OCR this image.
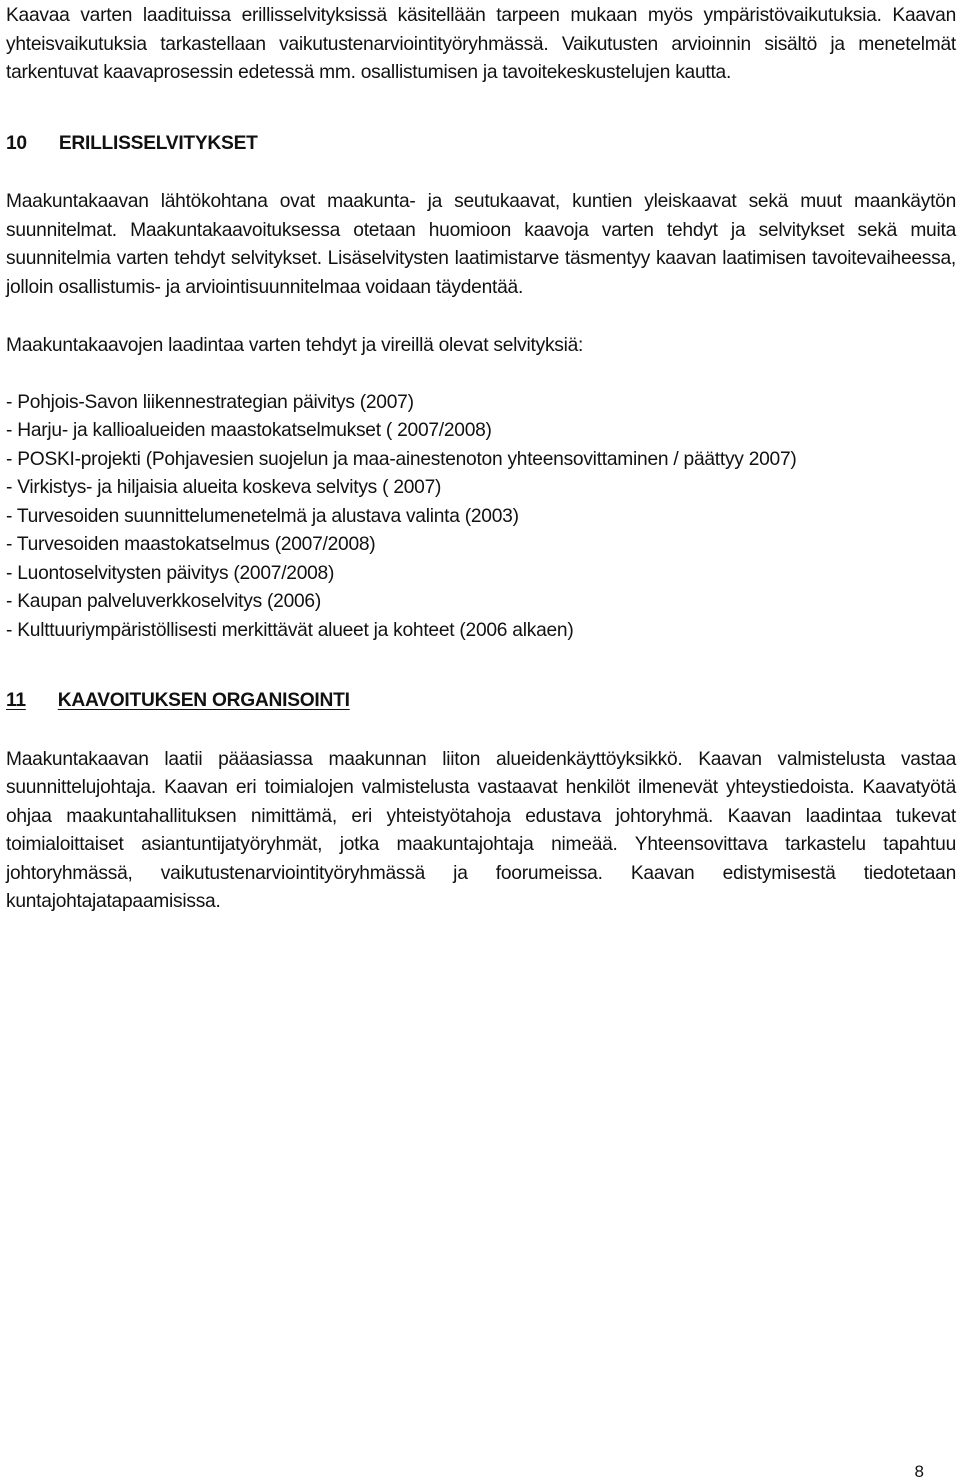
Kaavaa varten laadituissa erillisselvityksissä käsitellään tarpeen mukaan myös ympäristövaikutuksia. Kaavan yhteisvaikutuksia tarkastellaan vaikutustenarviointityöryhmässä. Vaikutusten arvioinnin sisältö ja menetelmät tarkentuvat kaavaprosessin edetessä mm. osallistumisen ja tavoitekeskustelujen kautta.

10 ERILLISSELVITYKSET

Maakuntakaavan lähtökohtana ovat maakunta- ja seutukaavat, kuntien yleiskaavat sekä muut maankäytön suunnitelmat. Maakuntakaavoituksessa otetaan huomioon kaavoja varten tehdyt ja selvitykset sekä muita suunnitelmia varten tehdyt selvitykset. Lisäselvitysten laatimistarve täsmentyy kaavan laatimisen tavoitevaiheessa, jolloin osallistumis- ja arviointisuunnitelmaa voidaan täydentää.

Maakuntakaavojen laadintaa varten tehdyt ja vireillä olevat selvityksiä:

- Pohjois-Savon liikennestrategian päivitys (2007)
- Harju- ja kallioalueiden maastokatselmukset ( 2007/2008)
- POSKI-projekti (Pohjavesien suojelun ja maa-ainestenoton yhteensovittaminen / päättyy 2007)
- Virkistys- ja hiljaisia alueita koskeva selvitys ( 2007)
- Turvesoiden suunnittelumenetelmä ja alustava valinta (2003)
- Turvesoiden maastokatselmus (2007/2008)
- Luontoselvitysten päivitys (2007/2008)
- Kaupan palveluverkkoselvitys (2006)
- Kulttuuriympäristöllisesti merkittävät alueet ja kohteet (2006 alkaen)
11 KAAVOITUKSEN ORGANISOINTI

Maakuntakaavan laatii pääasiassa maakunnan liiton alueidenkäyttöyksikkö. Kaavan valmistelusta vastaa suunnittelujohtaja. Kaavan eri toimialojen valmistelusta vastaavat henkilöt ilmenevät yhteystiedoista. Kaavatyötä ohjaa maakuntahallituksen nimittämä, eri yhteistyötahoja edustava johtoryhmä. Kaavan laadintaa tukevat toimialoittaiset asiantuntijatyöryhmät, jotka maakuntajohtaja nimeää. Yhteensovittava tarkastelu tapahtuu johtoryhmässä, vaikutustenarviointityöryhmässä ja foorumeissa. Kaavan edistymisestä tiedotetaan kuntajohtajatapaamisissa.

8
